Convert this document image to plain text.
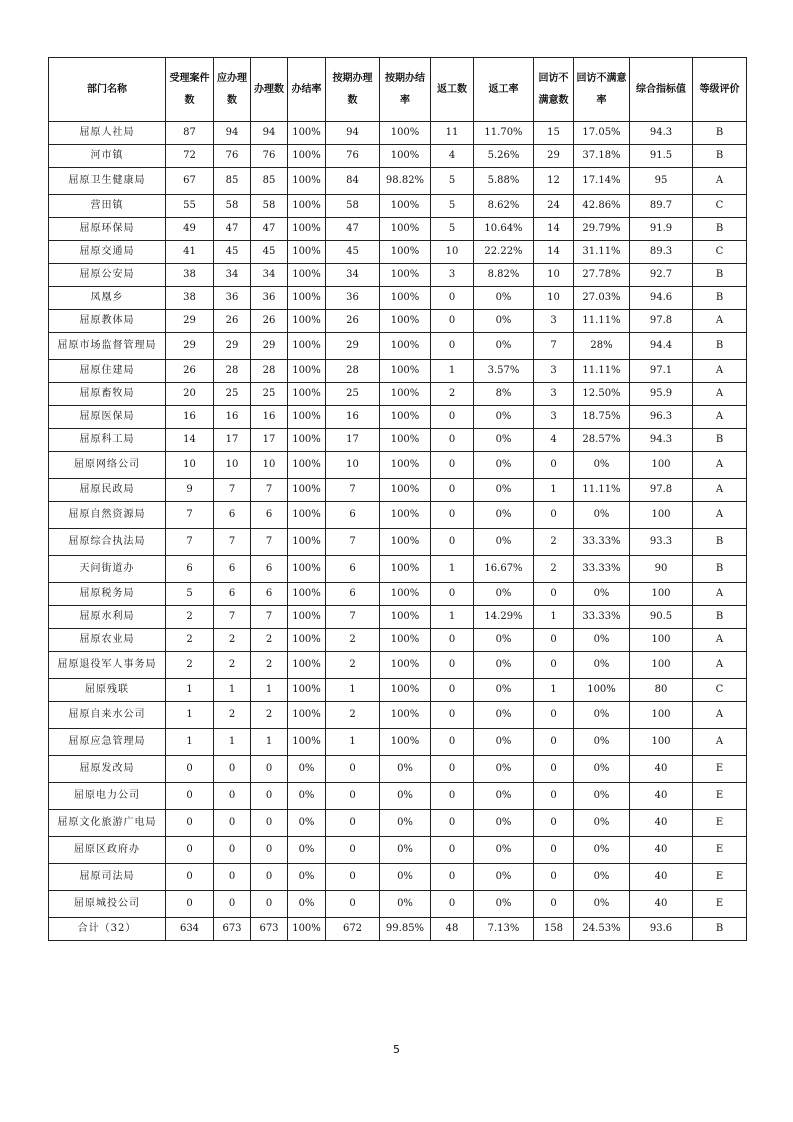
部门名称	受理案件数	应办理数	办理数	办结率	按期办理数	按期办结率	返工数	返工率	回访不满意数	回访不满意率	综合指标值	等级评价
屈原人社局	87	94	94	100%	94	100%	11	11.70%	15	17.05%	94.3	B
河市镇	72	76	76	100%	76	100%	4	5.26%	29	37.18%	91.5	B
屈原卫生健康局	67	85	85	100%	84	98.82%	5	5.88%	12	17.14%	95	A
营田镇	55	58	58	100%	58	100%	5	8.62%	24	42.86%	89.7	C
屈原环保局	49	47	47	100%	47	100%	5	10.64%	14	29.79%	91.9	B
屈原交通局	41	45	45	100%	45	100%	10	22.22%	14	31.11%	89.3	C
屈原公安局	38	34	34	100%	34	100%	3	8.82%	10	27.78%	92.7	B
凤凰乡	38	36	36	100%	36	100%	0	0%	10	27.03%	94.6	B
屈原教体局	29	26	26	100%	26	100%	0	0%	3	11.11%	97.8	A
屈原市场监督管理局	29	29	29	100%	29	100%	0	0%	7	28%	94.4	B
屈原住建局	26	28	28	100%	28	100%	1	3.57%	3	11.11%	97.1	A
屈原畜牧局	20	25	25	100%	25	100%	2	8%	3	12.50%	95.9	A
屈原医保局	16	16	16	100%	16	100%	0	0%	3	18.75%	96.3	A
屈原科工局	14	17	17	100%	17	100%	0	0%	4	28.57%	94.3	B
屈原网络公司	10	10	10	100%	10	100%	0	0%	0	0%	100	A
屈原民政局	9	7	7	100%	7	100%	0	0%	1	11.11%	97.8	A
屈原自然资源局	7	6	6	100%	6	100%	0	0%	0	0%	100	A
屈原综合执法局	7	7	7	100%	7	100%	0	0%	2	33.33%	93.3	B
天问街道办	6	6	6	100%	6	100%	1	16.67%	2	33.33%	90	B
屈原税务局	5	6	6	100%	6	100%	0	0%	0	0%	100	A
屈原水利局	2	7	7	100%	7	100%	1	14.29%	1	33.33%	90.5	B
屈原农业局	2	2	2	100%	2	100%	0	0%	0	0%	100	A
屈原退役军人事务局	2	2	2	100%	2	100%	0	0%	0	0%	100	A
屈原残联	1	1	1	100%	1	100%	0	0%	1	100%	80	C
屈原自来水公司	1	2	2	100%	2	100%	0	0%	0	0%	100	A
屈原应急管理局	1	1	1	100%	1	100%	0	0%	0	0%	100	A
屈原发改局	0	0	0	0%	0	0%	0	0%	0	0%	40	E
屈原电力公司	0	0	0	0%	0	0%	0	0%	0	0%	40	E
屈原文化旅游广电局	0	0	0	0%	0	0%	0	0%	0	0%	40	E
屈原区政府办	0	0	0	0%	0	0%	0	0%	0	0%	40	E
屈原司法局	0	0	0	0%	0	0%	0	0%	0	0%	40	E
屈原城投公司	0	0	0	0%	0	0%	0	0%	0	0%	40	E
合计（32）	634	673	673	100%	672	99.85%	48	7.13%	158	24.53%	93.6	B
5
